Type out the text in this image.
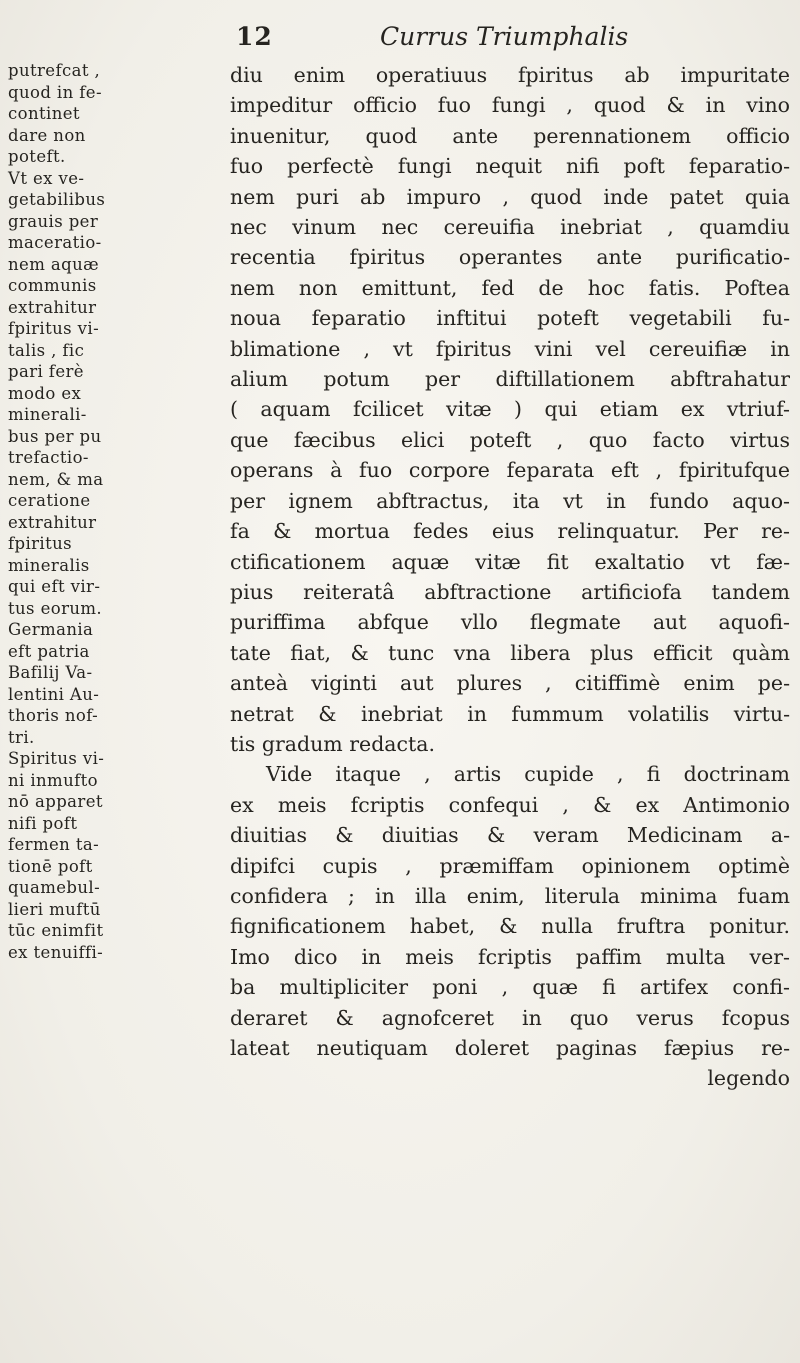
12	Currus Triumphalis
putrefcat ,
quod in fe-
continet
dare non
poteft.
Vt ex ve-
getabilibus
grauis per
maceratio-
nem aquæ
communis
extrahitur
fpiritus vi-
talis , fic
pari ferè
modo ex
minerali-
bus per pu
trefactio-
nem, & ma
ceratione
extrahitur
fpiritus
mineralis
qui eft vir-
tus eorum.
Germania
eft patria
Bafilij Va-
lentini Au-
thoris nof-
tri.
Spiritus vi-
ni inmufto
nō apparet
nifi poft
fermen ta-
tionē poft
quamebul-
lieri muftū
tūc enimfit
ex tenuiffi-
diu enim operatiuus fpiritus ab impuritate
impeditur officio fuo fungi , quod & in vino
inuenitur, quod ante perennationem officio
fuo perfectè fungi nequit nifi poft feparatio-
nem puri ab impuro , quod inde patet quia
nec vinum nec cereuifia inebriat , quamdiu
recentia fpiritus operantes ante purificatio-
nem non emittunt, fed de hoc fatis. Poftea
noua feparatio inftitui poteft vegetabili fu-
blimatione , vt fpiritus vini vel cereuifiæ in
alium potum per diftillationem abftrahatur
( aquam fcilicet vitæ ) qui etiam ex vtriuf-
que fæcibus elici poteft , quo facto virtus
operans à fuo corpore feparata eft , fpiritufque
per ignem abftractus, ita vt in fundo aquo-
fa & mortua fedes eius relinquatur. Per re-
ctificationem aquæ vitæ fit exaltatio vt fæ-
pius reiteratâ abftractione artificiofa tandem
puriffima abfque vllo flegmate aut aquofi-
tate fiat, & tunc vna libera plus efficit quàm
anteà viginti aut plures , citiffimè enim pe-
netrat & inebriat in fummum volatilis virtu-
tis gradum redacta.
Vide itaque , artis cupide , fi doctrinam
ex meis fcriptis confequi , & ex Antimonio
diuitias & diuitias & veram Medicinam a-
dipifci cupis , præmiffam opinionem optimè
confidera ; in illa enim, literula minima fuam
fignificationem habet, & nulla fruftra ponitur.
Imo dico in meis fcriptis paffim multa ver-
ba multipliciter poni , quæ fi artifex confi-
deraret & agnofceret in quo verus fcopus
lateat neutiquam doleret paginas fæpius re-
legendo
